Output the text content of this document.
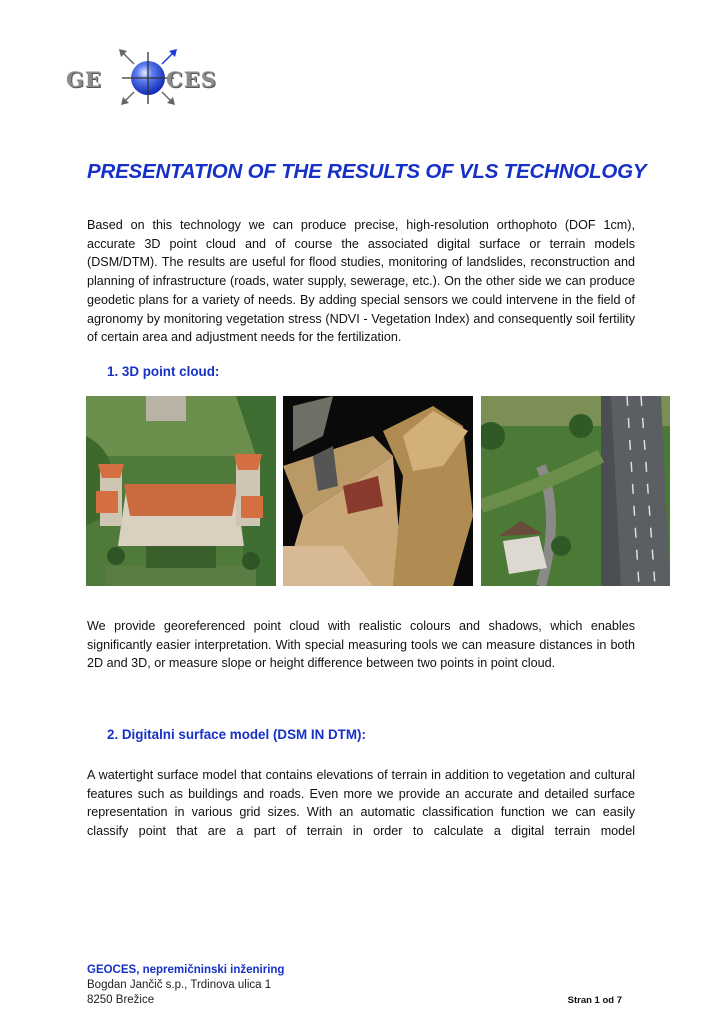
GE	CES
PRESENTATION OF THE RESULTS OF VLS TECHNOLOGY
Based on this technology we can produce precise, high-resolution orthophoto (DOF 1cm), accurate 3D point cloud and of course the associated digital surface or terrain models (DSM/DTM). The results are useful for flood studies, monitoring of landslides, reconstruction and planning of infrastructure (roads, water supply, sewerage, etc.). On the other side we can produce geodetic plans for a variety of needs. By adding special sensors we could intervene in the field of agronomy by monitoring vegetation stress (NDVI - Vegetation Index) and consequently soil fertility of certain area and adjustment needs for the fertilization.
1. 3D point cloud:
We provide georeferenced point cloud with realistic colours and shadows, which enables significantly easier interpretation. With special measuring tools we can measure distances in both 2D and 3D, or measure slope or height difference between two points in point cloud.
2. Digitalni surface model (DSM IN DTM):
A watertight surface model that contains elevations of terrain in addition to vegetation and cultural features such as buildings and roads. Even more we provide an accurate and detailed surface representation in various grid sizes. With an automatic classification function we can easily classify point that are a part of terrain in order to calculate a digital terrain model
GEOCES, nepremičninski inženiring
Bogdan Jančič s.p., Trdinova ulica 1
8250 Brežice	Stran 1 od 7
